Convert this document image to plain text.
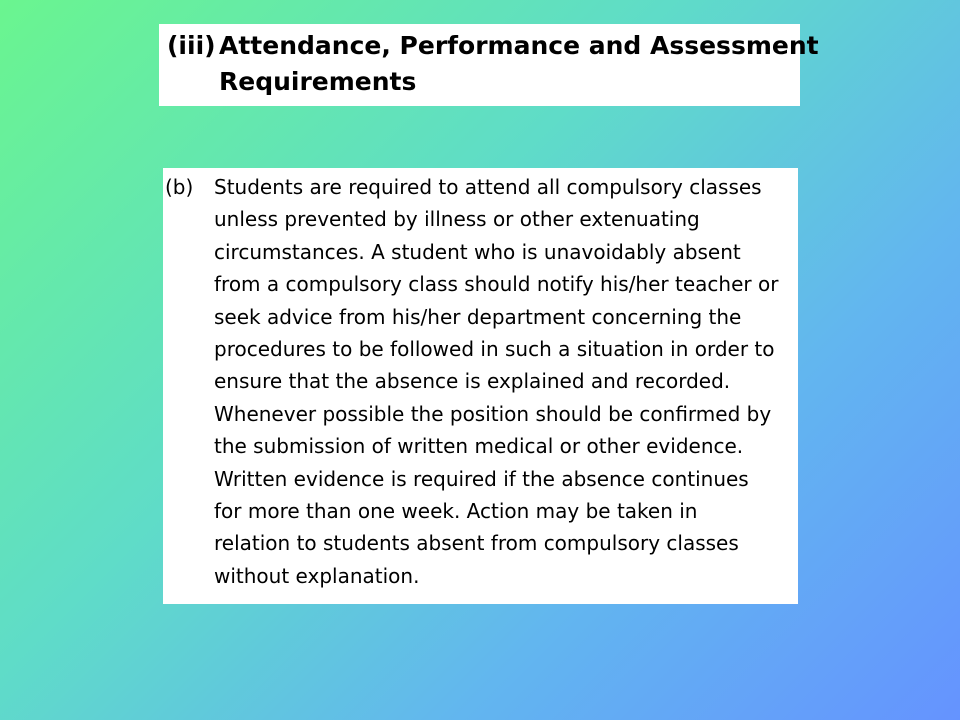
(iii) Attendance, Performance and Assessment
Requirements
(b) Students are required to attend all compulsory classes
unless prevented by illness or other extenuating
circumstances. A student who is unavoidably absent
from a compulsory class should notify his/her teacher or
seek advice from his/her department concerning the
procedures to be followed in such a situation in order to
ensure that the absence is explained and recorded.
Whenever possible the position should be confirmed by
the submission of written medical or other evidence.
Written evidence is required if the absence continues
for more than one week. Action may be taken in
relation to students absent from compulsory classes
without explanation.
